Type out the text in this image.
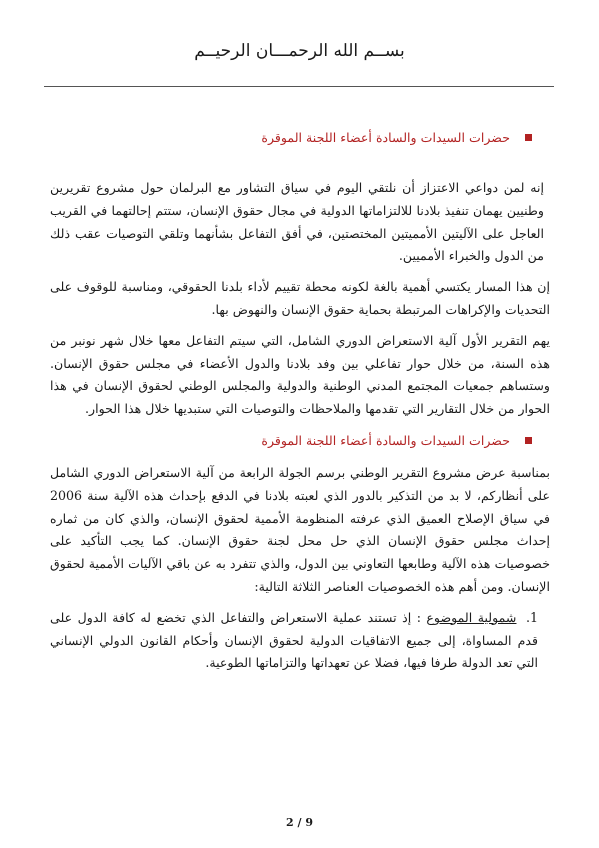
بســم الله الرحمـــان الرحيــم

حضرات السيدات والسادة أعضاء اللجنة الموقرة

إنه لمن دواعي الاعتزاز أن نلتقي اليوم في سياق التشاور مع البرلمان حول مشروع تقريرين وطنيين يهمان تنفيذ بلادنا للالتزاماتها الدولية في مجال حقوق الإنسان، ستتم إحالتهما في القريب العاجل على الآليتين الأمميتين المختصتين، في أفق التفاعل بشأنهما وتلقي التوصيات عقب ذلك من الدول والخبراء الأمميين.

إن هذا المسار يكتسي أهمية بالغة لكونه محطة تقييم لأداء بلدنا الحقوقي، ومناسبة للوقوف على التحديات والإكراهات المرتبطة بحماية حقوق الإنسان والنهوض بها.

يهم التقرير الأول آلية الاستعراض الدوري الشامل، التي سيتم التفاعل معها خلال شهر نونبر من هذه السنة، من خلال حوار تفاعلي بين وفد بلادنا والدول الأعضاء في مجلس حقوق الإنسان. وستساهم جمعيات المجتمع المدني الوطنية والدولية والمجلس الوطني لحقوق الإنسان في هذا الحوار من خلال التقارير التي تقدمها والملاحظات والتوصيات التي ستبديها خلال هذا الحوار.

حضرات السيدات والسادة أعضاء اللجنة الموقرة

بمناسبة عرض مشروع التقرير الوطني برسم الجولة الرابعة من آلية الاستعراض الدوري الشامل على أنظاركم، لا بد من التذكير بالدور الذي لعبته بلادنا في الدفع بإحداث هذه الآلية سنة 2006 في سياق الإصلاح العميق الذي عرفته المنظومة الأممية لحقوق الإنسان، والذي كان من ثماره إحداث مجلس حقوق الإنسان الذي حل محل لجنة حقوق الإنسان. كما يجب التأكيد على خصوصيات هذه الآلية وطابعها التعاوني بين الدول، والذي تتفرد به عن باقي الآليات الأممية لحقوق الإنسان. ومن أهم هذه الخصوصيات العناصر الثلاثة التالية:

1. شمولية الموضوع : إذ تستند عملية الاستعراض والتفاعل الذي تخضع له كافة الدول على قدم المساواة، إلى جميع الاتفاقيات الدولية لحقوق الإنسان وأحكام القانون الدولي الإنساني التي تعد الدولة طرفا فيها، فضلا عن تعهداتها والتزاماتها الطوعية.

2 / 9
